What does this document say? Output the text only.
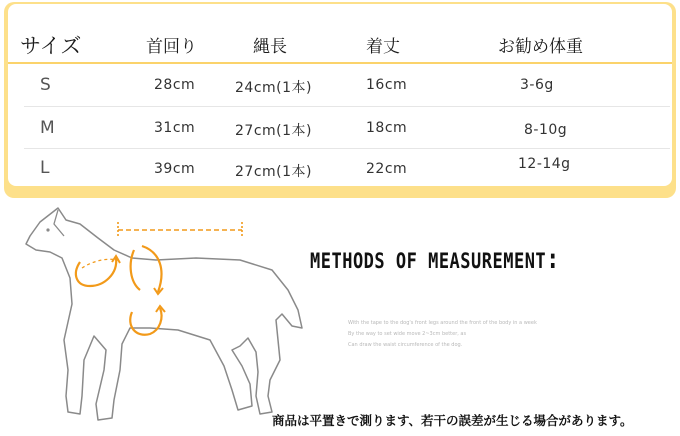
サイズ	首回り	縄長	着丈	お勧め体重
S	28cm	24cm(1本)	16cm	3-6g
M	31cm	27cm(1本)	18cm	8-10g
L	39cm	27cm(1本)	22cm	12-14g
METHODS OF MEASUREMENT:
With the tape to the dog's front legs around the front of the body in a week
By the way to set wide move 2~3cm better, as
Can draw the waist circumference of the dog.
商品は平置きで測ります、若干の誤差が生じる場合があります。
